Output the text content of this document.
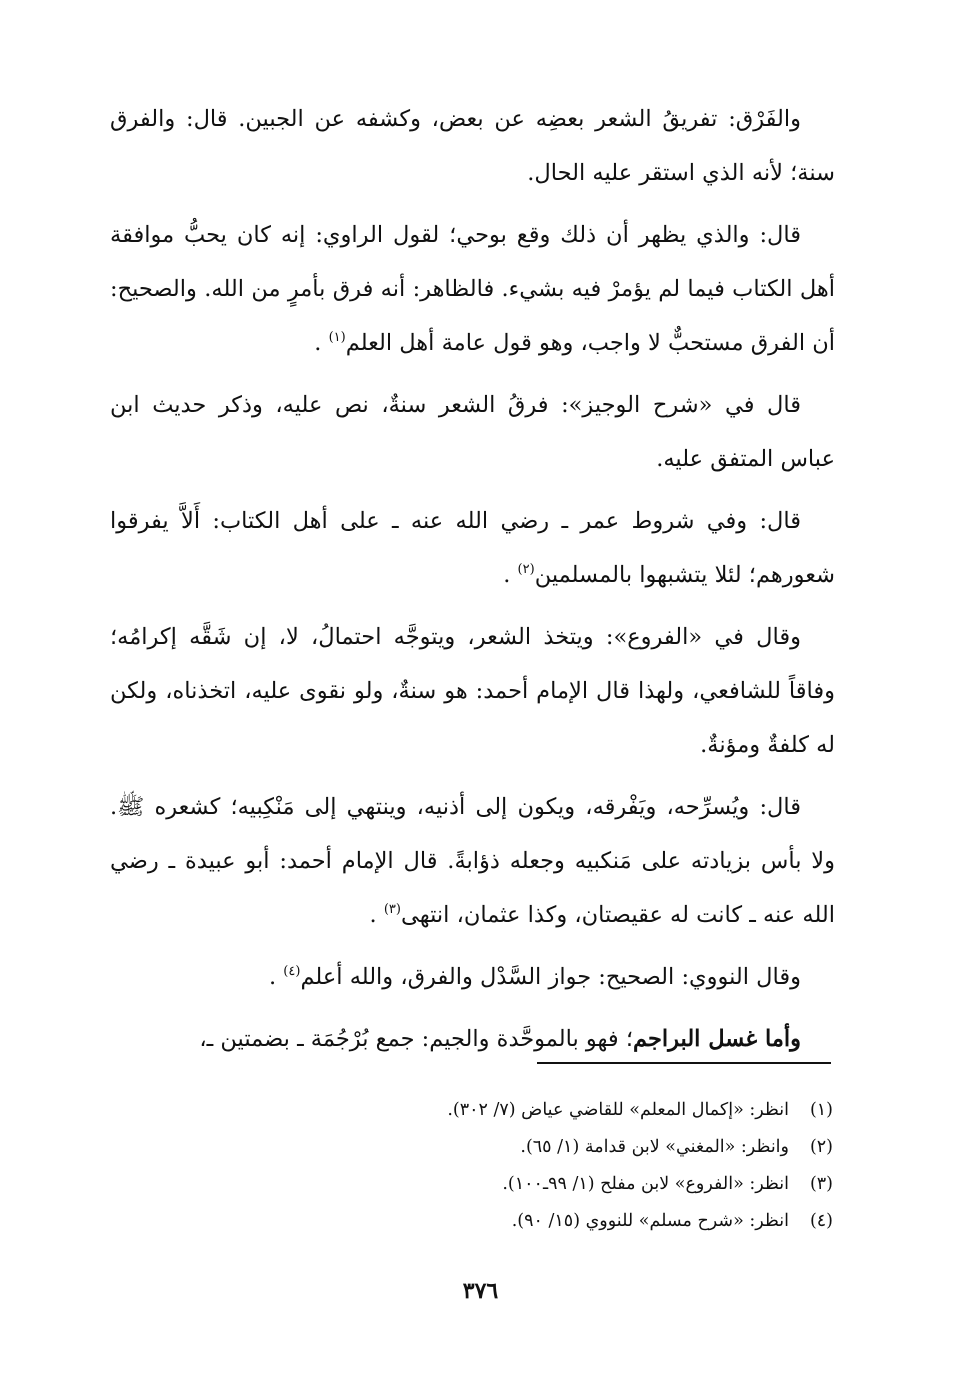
والفَرْق: تفريقُ الشعر بعضِه عن بعض، وكشفه عن الجبين. قال: والفرق سنة؛ لأنه الذي استقر عليه الحال.

قال: والذي يظهر أن ذلك وقع بوحي؛ لقول الراوي: إنه كان يحبُّ موافقة أهل الكتاب فيما لم يؤمرْ فيه بشيء. فالظاهر: أنه فرق بأمرٍ من الله. والصحيح: أن الفرق مستحبٌّ لا واجب، وهو قول عامة أهل العلم$^{(١)}$ .

قال في «شرح الوجيز»: فرقُ الشعر سنةٌ، نص عليه، وذكر حديث ابن عباس المتفق عليه.

قال: وفي شروط عمر ـ رضي الله عنه ـ على أهل الكتاب: أَلاَّ يفرقوا شعورهم؛ لئلا يتشبهوا بالمسلمين$^{(٢)}$ .

وقال في «الفروع»: ويتخذ الشعر، ويتوجَّه احتمالُ، لا، إن شَقَّه إكرامُه؛ وفاقاً للشافعي، ولهذا قال الإمام أحمد: هو سنةٌ، ولو نقوى عليه، اتخذناه، ولكن له كلفةٌ ومؤنةٌ.

قال: ويُسرِّحه، ويَفْرقه، ويكون إلى أذنيه، وينتهي إلى مَنْكِبيه؛ كشعره ﷺ. ولا بأس بزيادته على مَنكبيه وجعله ذؤابةً. قال الإمام أحمد: أبو عبيدة ـ رضي الله عنه ـ كانت له عقيصتان، وكذا عثمان، انتهى$^{(٣)}$ .

وقال النووي: الصحيح: جواز السَّدْل والفرق، والله أعلم$^{(٤)}$ .

وأما غسل البراجم؛ فهو بالموحَّدة والجيم: جمع بُرْجُمَة ـ بضمتين ـ،

(١)انظر: «إكمال المعلم» للقاضي عياض (٧/ ٣٠٢).
(٢)وانظر: «المغني» لابن قدامة (١/ ٦٥).
(٣)انظر: «الفروع» لابن مفلح (١/ ٩٩ـ١٠٠).
(٤)انظر: «شرح مسلم» للنووي (١٥/ ٩٠).
٣٧٦
